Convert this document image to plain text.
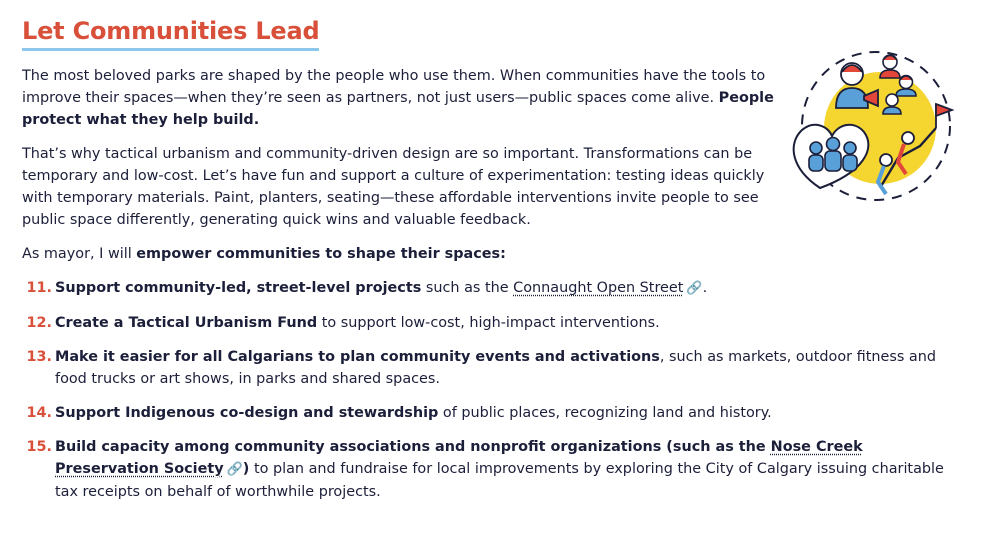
Let Communities Lead

The most beloved parks are shaped by the people who use them. When communities have the tools to improve their spaces—when they’re seen as partners, not just users—public spaces come alive. People protect what they help build.

That’s why tactical urbanism and community-driven design are so important. Transformations can be temporary and low-cost. Let’s have fun and support a culture of experimentation: testing ideas quickly with temporary materials. Paint, planters, seating—these affordable interventions invite people to see public space differently, generating quick wins and valuable feedback.

As mayor, I will empower communities to shape their spaces:

11. Support community-led, street-level projects such as the Connaught Open Street 🔗.
12. Create a Tactical Urbanism Fund to support low-cost, high-impact interventions.
13. Make it easier for all Calgarians to plan community events and activations, such as markets, outdoor fitness and food trucks or art shows, in parks and shared spaces.
14. Support Indigenous co-design and stewardship of public places, recognizing land and history.
15. Build capacity among community associations and nonprofit organizations (such as the Nose Creek Preservation Society 🔗) to plan and fundraise for local improvements by exploring the City of Calgary issuing charitable tax receipts on behalf of worthwhile projects.
